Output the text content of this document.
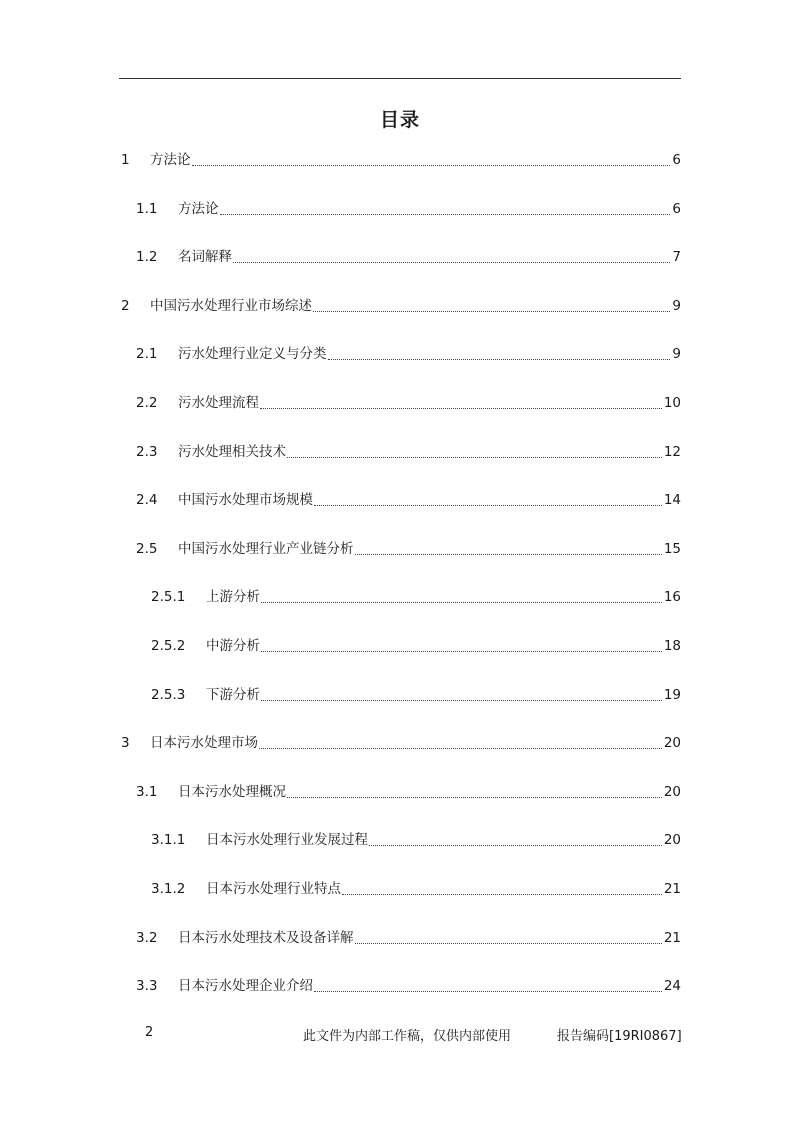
目录
1	方法论	6
1.1	方法论	6
1.2	名词解释	7
2	中国污水处理行业市场综述	9
2.1	污水处理行业定义与分类	9
2.2	污水处理流程	10
2.3	污水处理相关技术	12
2.4	中国污水处理市场规模	14
2.5	中国污水处理行业产业链分析	15
2.5.1	上游分析	16
2.5.2	中游分析	18
2.5.3	下游分析	19
3	日本污水处理市场	20
3.1	日本污水处理概况	20
3.1.1	日本污水处理行业发展过程	20
3.1.2	日本污水处理行业特点	21
3.2	日本污水处理技术及设备详解	21
3.3	日本污水处理企业介绍	24
2	此文件为内部工作稿，仅供内部使用	报告编码[19RI0867]
